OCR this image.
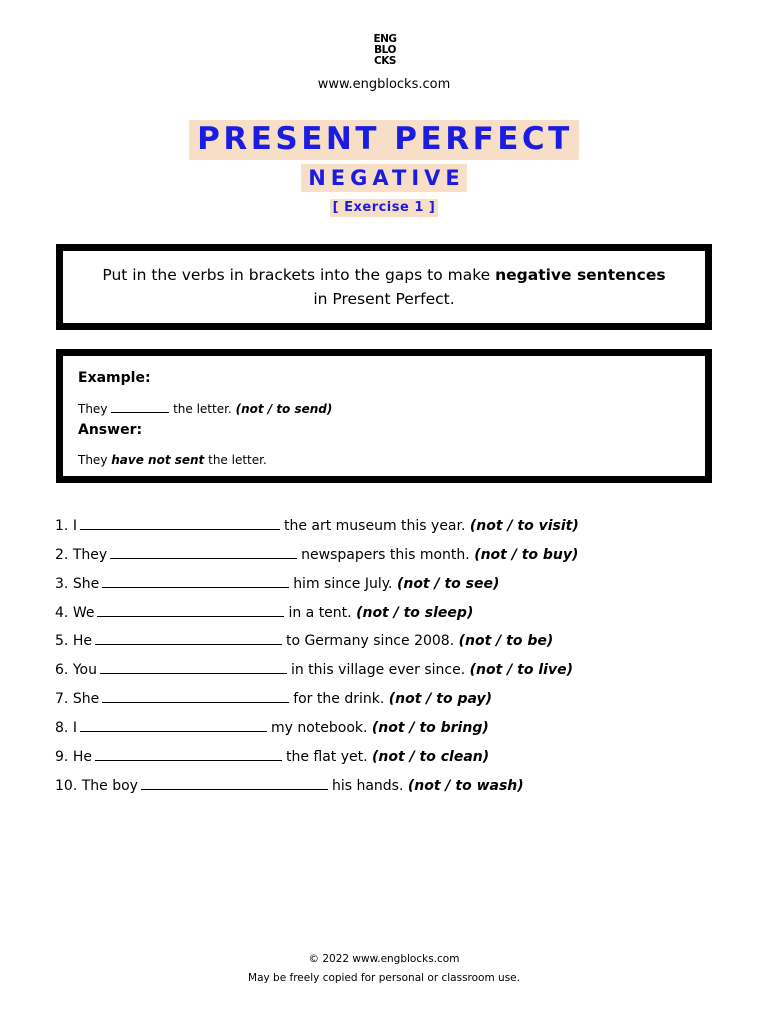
ENG
BLO
CKS
www.engblocks.com
PRESENT PERFECT
NEGATIVE
[ Exercise 1 ]
Put in the verbs in brackets into the gaps to make negative sentences
in Present Perfect.
Example:
They	the letter. (not / to send)
Answer:
They have not sent the letter.
1. I	the art museum this year. (not / to visit)
2. They	newspapers this month. (not / to buy)
3. She	him since July. (not / to see)
4. We	in a tent. (not / to sleep)
5. He	to Germany since 2008. (not / to be)
6. You	in this village ever since. (not / to live)
7. She	for the drink. (not / to pay)
8. I	my notebook. (not / to bring)
9. He	the flat yet. (not / to clean)
10. The boy	his hands. (not / to wash)
© 2022 www.engblocks.com
May be freely copied for personal or classroom use.
